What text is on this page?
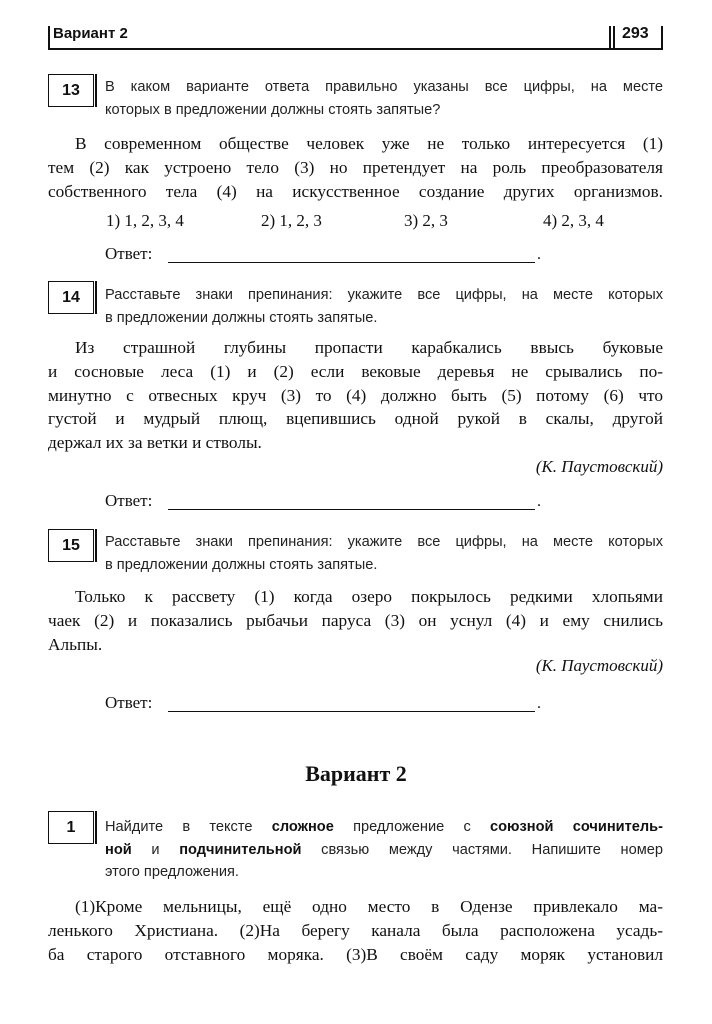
Вариант 2	293
13	В каком варианте ответа правильно указаны все цифры, на месте
которых в предложении должны стоять запятые?
В современном обществе человек уже не только интересуется (1)
тем (2) как устроено тело (3) но претендует на роль преобразователя
собственного тела (4) на искусственное создание других организмов.
1) 1, 2, 3, 4	2) 1, 2, 3	3) 2, 3	4) 2, 3, 4
Ответ:	.
14	Расставьте знаки препинания: укажите все цифры, на месте которых
в предложении должны стоять запятые.
Из страшной глубины пропасти карабкались ввысь буковые
и сосновые леса (1) и (2) если вековые деревья не срывались по-
минутно с отвесных круч (3) то (4) должно быть (5) потому (6) что
густой и мудрый плющ, вцепившись одной рукой в скалы, другой
держал их за ветки и стволы.
(К. Паустовский)
Ответ:	.
15	Расставьте знаки препинания: укажите все цифры, на месте которых
в предложении должны стоять запятые.
Только к рассвету (1) когда озеро покрылось редкими хлопьями
чаек (2) и показались рыбачьи паруса (3) он уснул (4) и ему снились
Альпы.
(К. Паустовский)
Ответ:	.
Вариант 2
1	Найдите в тексте сложное предложение с союзной сочинитель-
ной и подчинительной связью между частями. Напишите номер
этого предложения.
(1)Кроме мельницы, ещё одно место в Одензе привлекало ма-
ленького Христиана. (2)На берегу канала была расположена усадь-
ба старого отставного моряка. (3)В своём саду моряк установил
